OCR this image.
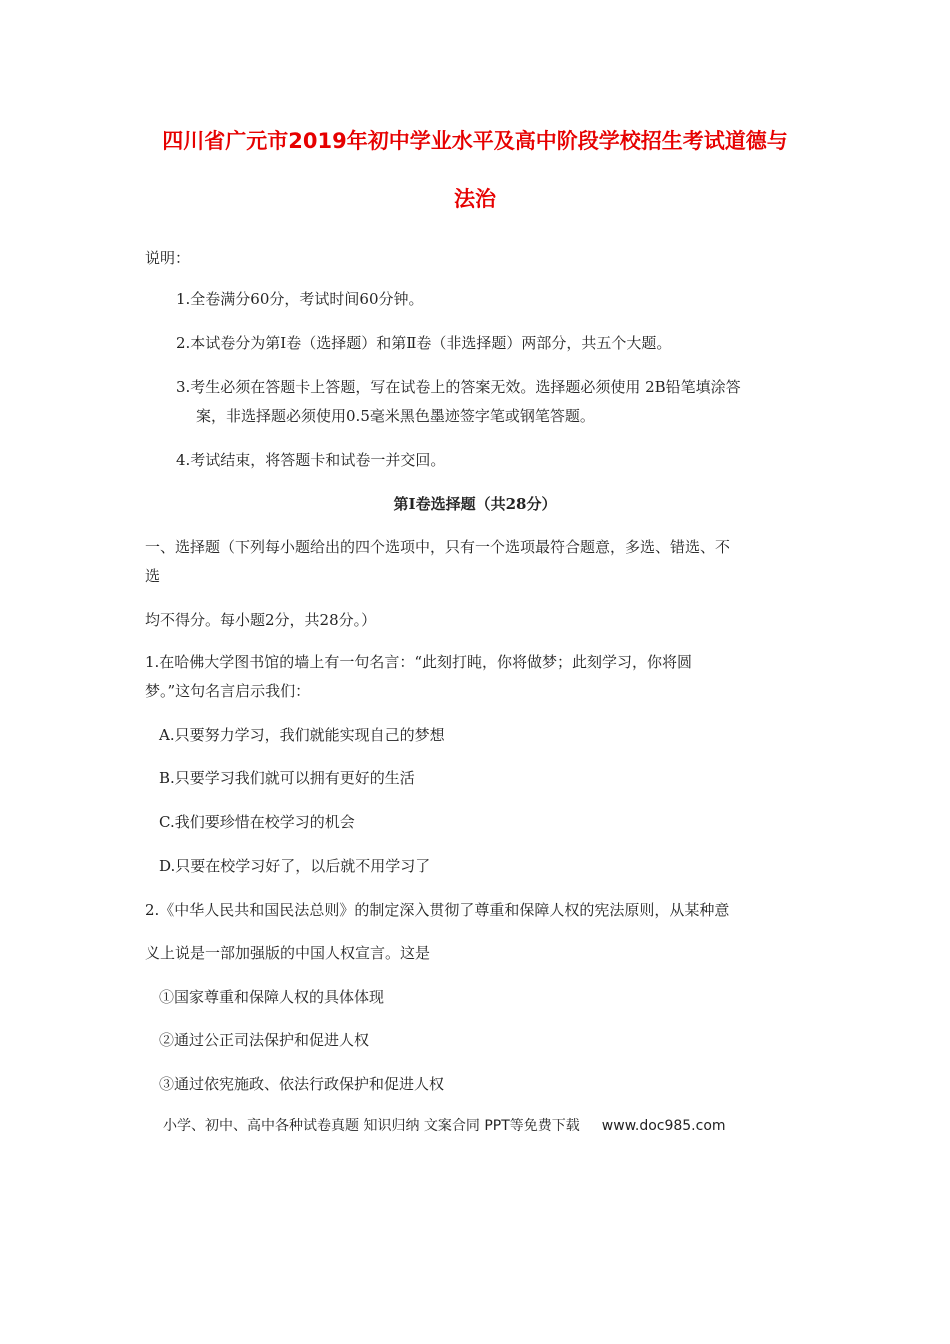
四川省广元市2019年初中学业水平及高中阶段学校招生考试道德与
法治
说明：
1.全卷满分60分，考试时间60分钟。
2.本试卷分为第Ⅰ卷（选择题）和第Ⅱ卷（非选择题）两部分，共五个大题。
3.考生必须在答题卡上答题，写在试卷上的答案无效。选择题必须使用 2B铅笔填涂答
案，非选择题必须使用0.5毫米黑色墨迹签字笔或钢笔答题。
4.考试结束，将答题卡和试卷一并交回。
第Ⅰ卷选择题（共28分）
一、选择题（下列每小题给出的四个选项中，只有一个选项最符合题意，多选、错选、不
选
均不得分。每小题2分，共28分。）
1.在哈佛大学图书馆的墙上有一句名言：“此刻打盹，你将做梦；此刻学习，你将圆
梦。”这句名言启示我们：
A.只要努力学习，我们就能实现自己的梦想
B.只要学习我们就可以拥有更好的生活
C.我们要珍惜在校学习的机会
D.只要在校学习好了，以后就不用学习了
2.《中华人民共和国民法总则》的制定深入贯彻了尊重和保障人权的宪法原则，从某种意
义上说是一部加强版的中国人权宣言。这是
①国家尊重和保障人权的具体体现
②通过公正司法保护和促进人权
③通过依宪施政、依法行政保护和促进人权
小学、初中、高中各种试卷真题 知识归纳 文案合同 PPT等免费下载 www.doc985.com
